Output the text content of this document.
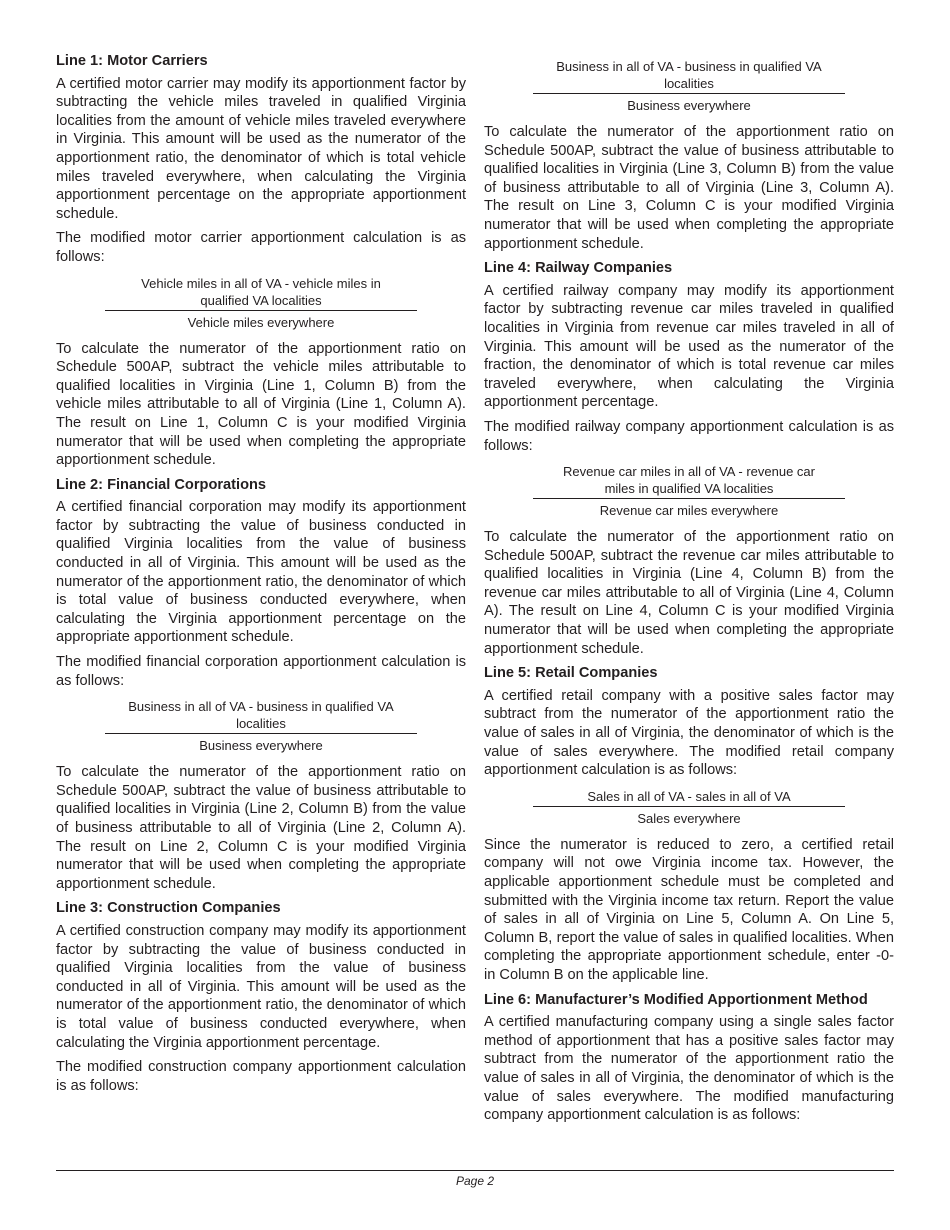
Line 1: Motor Carriers

A certified motor carrier may modify its apportionment factor by subtracting the vehicle miles traveled in qualified Virginia localities from the amount of vehicle miles traveled everywhere in Virginia. This amount will be used as the numerator of the apportionment ratio, the denominator of which is total vehicle miles traveled everywhere, when calculating the Virginia apportionment percentage on the appropriate apportionment schedule.

The modified motor carrier apportionment calculation is as follows:

Vehicle miles in all of VA - vehicle miles in qualified VA localities
Vehicle miles everywhere

To calculate the numerator of the apportionment ratio on Schedule 500AP, subtract the vehicle miles attributable to qualified localities in Virginia (Line 1, Column B) from the vehicle miles attributable to all of Virginia (Line 1, Column A). The result on Line 1, Column C is your modified Virginia numerator that will be used when completing the appropriate apportionment schedule.

Line 2: Financial Corporations

A certified financial corporation may modify its apportionment factor by subtracting the value of business conducted in qualified Virginia localities from the value of business conducted in all of Virginia. This amount will be used as the numerator of the apportionment ratio, the denominator of which is total value of business conducted everywhere, when calculating the Virginia apportionment percentage on the appropriate apportionment schedule.

The modified financial corporation apportionment calculation is as follows:

Business in all of VA - business in qualified VA localities
Business everywhere

To calculate the numerator of the apportionment ratio on Schedule 500AP, subtract the value of business attributable to qualified localities in Virginia (Line 2, Column B) from the value of business attributable to all of Virginia (Line 2, Column A). The result on Line 2, Column C is your modified Virginia numerator that will be used when completing the appropriate apportionment schedule.

Line 3: Construction Companies

A certified construction company may modify its apportionment factor by subtracting the value of business conducted in qualified Virginia localities from the value of business conducted in all of Virginia. This amount will be used as the numerator of the apportionment ratio, the denominator of which is total value of business conducted everywhere, when calculating the Virginia apportionment percentage.

The modified construction company apportionment calculation is as follows:

Business in all of VA - business in qualified VA localities
Business everywhere

To calculate the numerator of the apportionment ratio on Schedule 500AP, subtract the value of business attributable to qualified localities in Virginia (Line 3, Column B) from the value of business attributable to all of Virginia (Line 3, Column A). The result on Line 3, Column C is your modified Virginia numerator that will be used when completing the appropriate apportionment schedule.

Line 4: Railway Companies

A certified railway company may modify its apportionment factor by subtracting revenue car miles traveled in qualified localities in Virginia from revenue car miles traveled in all of Virginia. This amount will be used as the numerator of the fraction, the denominator of which is total revenue car miles traveled everywhere, when calculating the Virginia apportionment percentage.

The modified railway company apportionment calculation is as follows:

Revenue car miles in all of VA - revenue car miles in qualified VA localities
Revenue car miles everywhere

To calculate the numerator of the apportionment ratio on Schedule 500AP, subtract the revenue car miles attributable to qualified localities in Virginia (Line 4, Column B) from the revenue car miles attributable to all of Virginia (Line 4, Column A). The result on Line 4, Column C is your modified Virginia numerator that will be used when completing the appropriate apportionment schedule.

Line 5: Retail Companies

A certified retail company with a positive sales factor may subtract from the numerator of the apportionment ratio the value of sales in all of Virginia, the denominator of which is the value of sales everywhere. The modified retail company apportionment calculation is as follows:

Sales in all of VA - sales in all of VA
Sales everywhere

Since the numerator is reduced to zero, a certified retail company will not owe Virginia income tax. However, the applicable apportionment schedule must be completed and submitted with the Virginia income tax return. Report the value of sales in all of Virginia on Line 5, Column A. On Line 5, Column B, report the value of sales in qualified localities. When completing the appropriate apportionment schedule, enter -0- in Column B on the applicable line.

Line 6: Manufacturer’s Modified Apportionment Method

A certified manufacturing company using a single sales factor method of apportionment that has a positive sales factor may subtract from the numerator of the apportionment ratio the value of sales in all of Virginia, the denominator of which is the value of sales everywhere. The modified manufacturing company apportionment calculation is as follows:

Page 2
